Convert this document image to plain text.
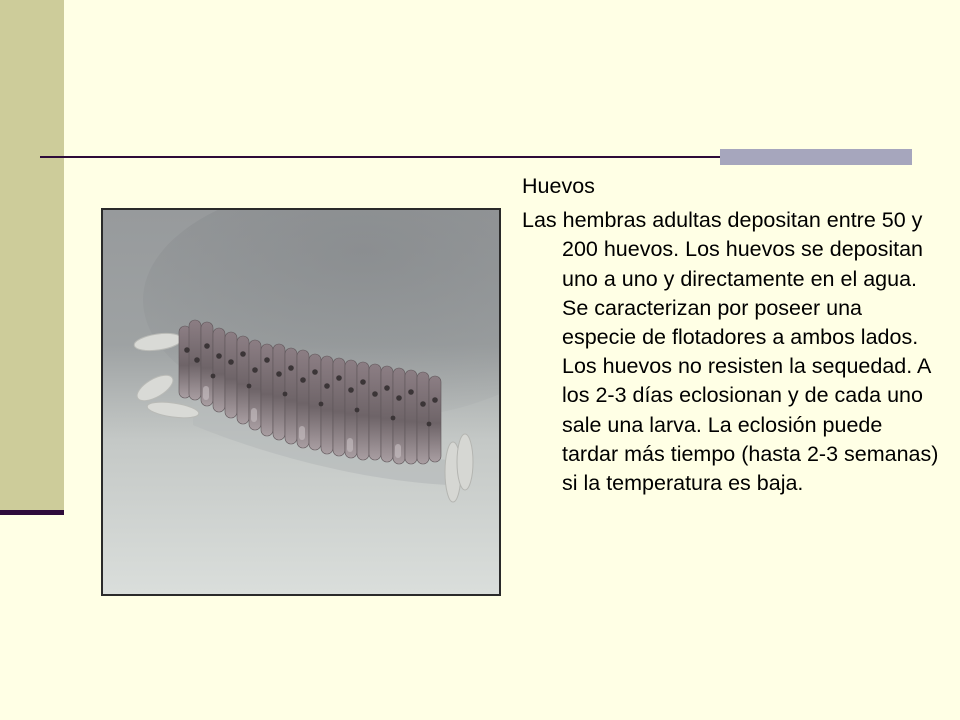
Huevos

Las hembras adultas depositan entre 50 y 200 huevos. Los huevos se depositan uno a uno y directamente en el agua. Se caracterizan por poseer una especie de flotadores a ambos lados. Los huevos no resisten la sequedad. A los 2-3 días eclosionan y de cada uno sale una larva. La eclosión puede tardar más tiempo (hasta 2-3 semanas) si la temperatura es baja.
